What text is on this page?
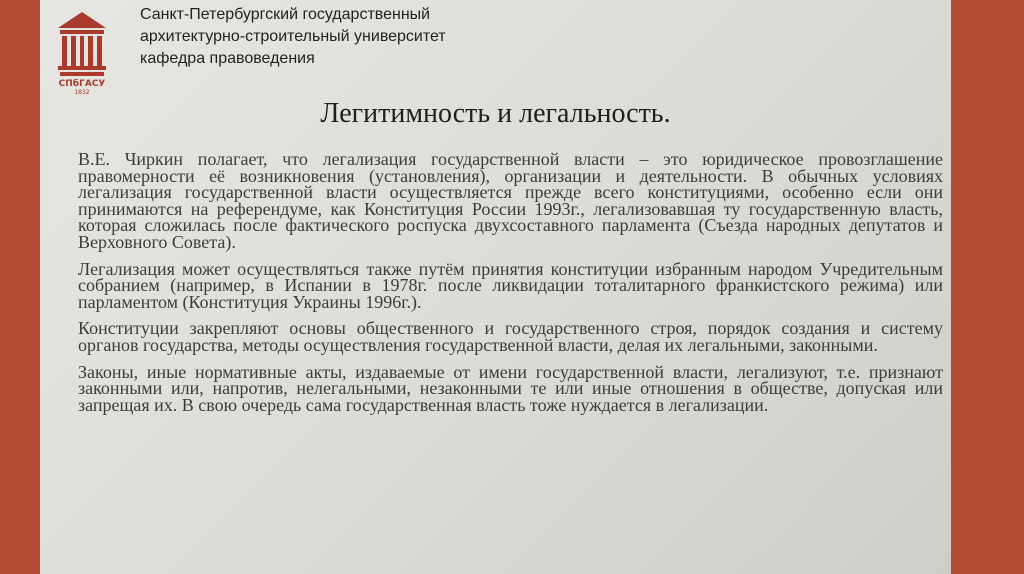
СПбГАСУ
1832
Санкт-Петербургский государственный
архитектурно-строительный университет
кафедра правоведения
Легитимность и легальность.

В.Е. Чиркин полагает, что легализация государственной власти – это юридическое провозглашение правомерности её возникновения (установления), организации и деятельности. В обычных условиях легализация государственной власти осуществляется прежде всего конституциями, особенно если они принимаются на референдуме, как Конституция России 1993г., легализовавшая ту государственную власть, которая сложилась после фактического роспуска двухсоставного парламента (Съезда народных депутатов и Верховного Совета).

Легализация может осуществляться также путём принятия конституции избранным народом Учредительным собранием (например, в Испании в 1978г. после ликвидации тоталитарного франкистского режима) или парламентом (Конституция Украины 1996г.).

Конституции закрепляют основы общественного и государственного строя, порядок создания и систему органов государства, методы осуществления государственной власти, делая их легальными, законными.

Законы, иные нормативные акты, издаваемые от имени государственной власти, легализуют, т.е. признают законными или, напротив, нелегальными, незаконными те или иные отношения в обществе, допуская или запрещая их. В свою очередь сама государственная власть тоже нуждается в легализации.
